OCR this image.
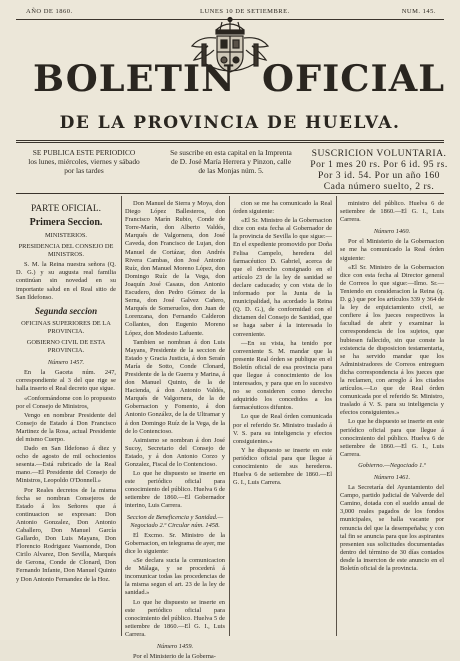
AÑO DE 1860.	LUNES 10 DE SETIEMBRE.	NUM. 145.
BOLETIN OFICIAL
DE LA PROVINCIA DE HUELVA.
SE PUBLICA ESTE PERIODICO
los lunes, miércoles, viernes y sábado
por las tardes
Se suscribe en esta capital en la Imprenta
de D. José María Herrera y Pinzon, calle
de las Monjas núm. 5.
SUSCRICION VOLUNTARIA.
Por 1 mes 20 rs. Por 6 id. 95 rs.
Por 3 id. 54. Por un año 160
Cada número suelto, 2 rs.

PARTE OFICIAL.

Primera Seccion.

MINISTERIOS.

PRESIDENCIA DEL CONSEJO DE MINISTROS.

S. M. la Reina nuestra señora (Q. D. G.) y su augusta real familia continúan sin novedad en su importante salud en el Real sitio de San Ildefonso.

Segunda seccion

OFICINAS SUPERIORES DE LA PROVINCIA.

GOBIERNO CIVIL DE ESTA PROVINCIA.

Número 1457.

En la Gaceta núm. 247, correspondiente al 3 del que rige se halla inserto el Real decreto que sigue.

«Conformándome con lo propuesto por el Consejo de Ministros,

Vengo en nombrar Presidente del Consejo de Estado á Don Francisco Martinez de la Rosa, actual Presidente del mismo Cuerpo.

Dado en San Ildefonso á diez y ocho de agosto de mil ochocientos sesenta.—Está rubricado de la Real mano.—El Presidente del Consejo de Ministros, Leopoldo O'Donnell.»

Por Reales decretos de la misma fecha se nombran Consejeros de Estado á los Señores que á continuacion se expresan: Don Antonio Gonzalez, Don Antonio Caballero, Don Manuel García Gallardo, Don Luis Mayans, Don Florencio Rodriguez Vaamonde, Don Cirilo Alvarez, Don Sevilla, Marqués de Gerona, Conde de Clonard, Don Fernando Infante, Don Manuel Quinto y Don Antonio Fernandez de la Hoz.

Don Manuel de Sierra y Moya, don Diego López Ballesteros, don Francisco Marín Rubio, Conde de Torre-Marín, don Alberto Valdés, Marqués de Valgornera, don José Caveda, don Francisco de Lujan, don Manuel de Cortázar, don Andrés Rivera Cambas, don José Antonio Ruíz, don Manuel Moreno López, don Domingo Ruíz de la Vega, don Joaquín José Casaus, don Antonio Escudero, don Pedro Gómez de la Serna, don José Galvez Cañero, Marqués de Someruelos, don Juan de Lorenzana, don Fernando Calderon Collantes, don Eugenio Moreno López, don Modesto Lafuente.

Tambien se nombran á don Luis Mayans, Presidente de la seccion de Estado y Gracia Justicia, á don Seraín María de Sotto, Conde Clonard, Presidente de la de Guerra y Marina, á don Manuel Quinto, de la de Hacienda, á don Antonio Valdés, Marqués de Valgornera, de la de Gobernacion y Fomento, á don Antonio González, de la de Ultramar y á don Domingo Ruíz de la Vega, de la de lo Contencioso.

Asimismo se nombran á don José Sucoy, Secretario del Consejo de Estado, y á don Antonio Corzo y Gonzalez, Fiscal de lo Contencioso.

Lo que he dispuesto se inserte en este periódico oficial para conocimiento del público. Huelva 6 de setiembre de 1860.—El Gobernador interino, Luis Carrera.

Seccion de Beneficencia y Sanidad.—Negociado 2.º Circular núm. 1458.

El Excmo. Sr. Ministro de la Gobernacion, en telegrama de ayer, me dice lo siguiente:

«Se declara sucia la comunicacion de Málaga, y se procederá á incomunicar todas las procedencias de la misma segun el art. 23 de la ley de sanidad.»

Lo que he dispuesto se inserte en este periódico oficial para conocimiento del público. Huelva 5 de setiembre de 1860.—El G. I., Luis Carrera.

Número 1459.

Por el Ministerio de la Goberna-

cion se me ha comunicado la Real órden siguiente:

«El Sr. Ministro de la Gobernacion dice con esta fecha al Gobernador de la provincia de Sevilla lo que sigue:—En el expediente promovido por Doña Felisa Campelo, heredera del farmacéutico D. Gabriel, acerca de que el derecho consignado en el artículo 23 de la ley de sanidad se declare caducado; y con vista de lo informado por la Junta de la municipalidad, ha acordado la Reina (Q. D. G.), de conformidad con el dictamen del Consejo de Sanidad, que se haga saber á la interesada lo conveniente.

—En su vista, ha tenido por conveniente S. M. mandar que la presente Real órden se publique en el Boletín oficial de esa provincia para que llegue á conocimiento de los interesados, y para que en lo sucesivo no se consideren como derecho adquirido los concedidos a los farmacéuticos difuntos.

Lo que de Real órden comunicada por el referido Sr. Ministro traslado á V. S. para su inteligencia y efectos consiguientes.»

Y he dispuesto se inserte en este periódico oficial para que llegue á conocimiento de sus herederos. Huelva 6 de setiembre de 1860.—El G. I., Luis Carrera.

ministro del público. Huelva 6 de setiembre de 1860.—El G. I., Luis Carrera.

Número 1460.

Por el Ministerio de la Gobernacion se me ha comunicado la Real órden siguiente:

«El Sr. Ministro de la Gobernacion dice con esta fecha al Director general de Correos lo que sigue:—Ilmo. Sr.—Teniendo en consideracion la Reina (q. D. g.) que por los artículos 339 y 364 de la ley de enjuiciamiento civil, se confiere á los jueces respectivos la facultad de abrir y examinar la correspondencia de los sujetos, que hubiesen fallecido, sin que conste la existencia de disposicion testamentaria, se ha servido mandar que los Administradores de Correos entreguen dicha correspondencia á los jueces que la reclamen, con arreglo á los citados artículos.—Lo que de Real órden comunicada por el referido Sr. Ministro, traslado á V. S. para su inteligencia y efectos consiguientes.»

Lo que he dispuesto se inserte en este periódico oficial para que llegue á conocimiento del público. Huelva 6 de setiembre de 1860.—El G. I., Luis Carrera.

Gobierno.—Negociado 1.º

Número 1461.

La Secretaría del Ayuntamiento del Campo, partido judicial de Valverde del Camino, dotada con el sueldo anual de 3,000 reales pagados de los fondos municipales, se halla vacante por renuncia del que la desempeñaba; y con tal fin se anuncia para que los aspirantes presenten sus solicitudes documentadas dentro del término de 30 días contados desde la insercion de este anuncio en el Boletín oficial de la provincia.
